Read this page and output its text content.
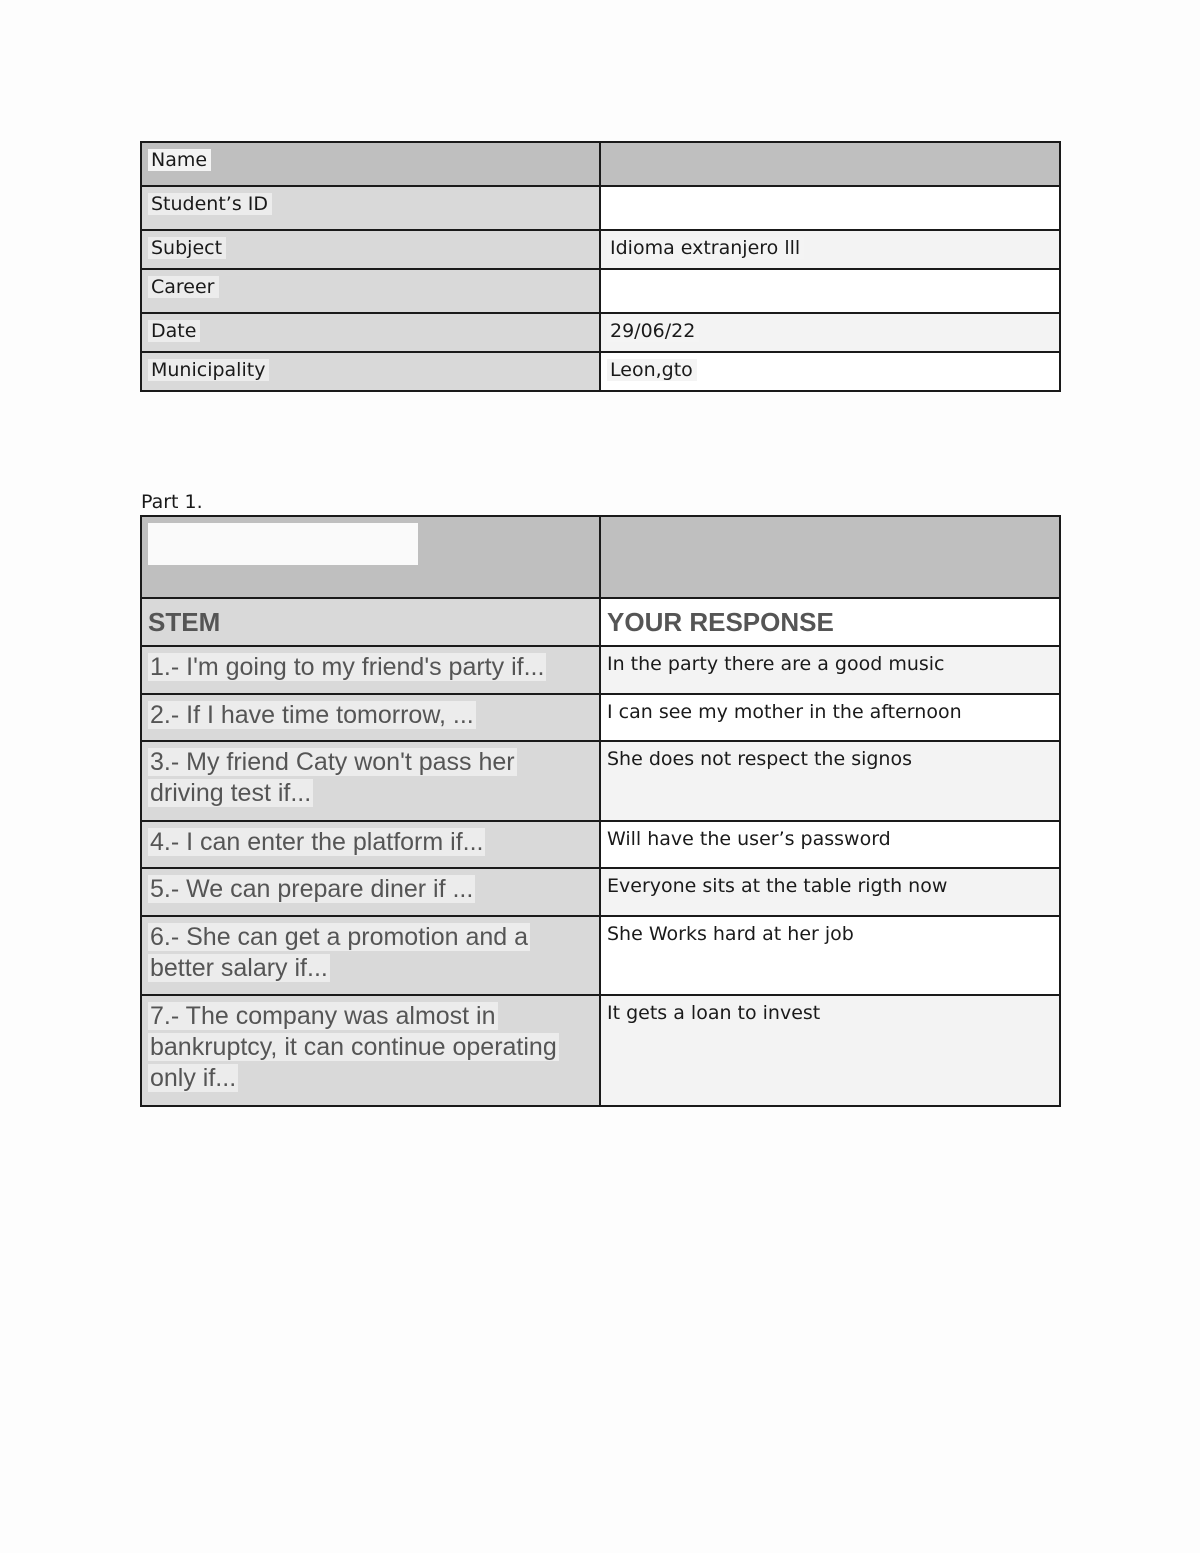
Name	
Student’s ID	
Subject	Idioma extranjero lll
Career	
Date	29/06/22
Municipality	Leon,gto
Part 1.

STEM	YOUR RESPONSE
1.- I'm going to my friend's party if...	In the party there are a good music
2.- If I have time tomorrow, ...	I can see my mother in the afternoon
3.- My friend Caty won't pass her driving test if...	She does not respect the signos
4.- I can enter the platform if...	Will have the user’s password
5.- We can prepare diner if ...	Everyone sits at the table rigth now
6.- She can get a promotion and a better salary if...	She Works hard at her job
7.- The company was almost in bankruptcy, it can continue operating only if...	It gets a loan to invest
